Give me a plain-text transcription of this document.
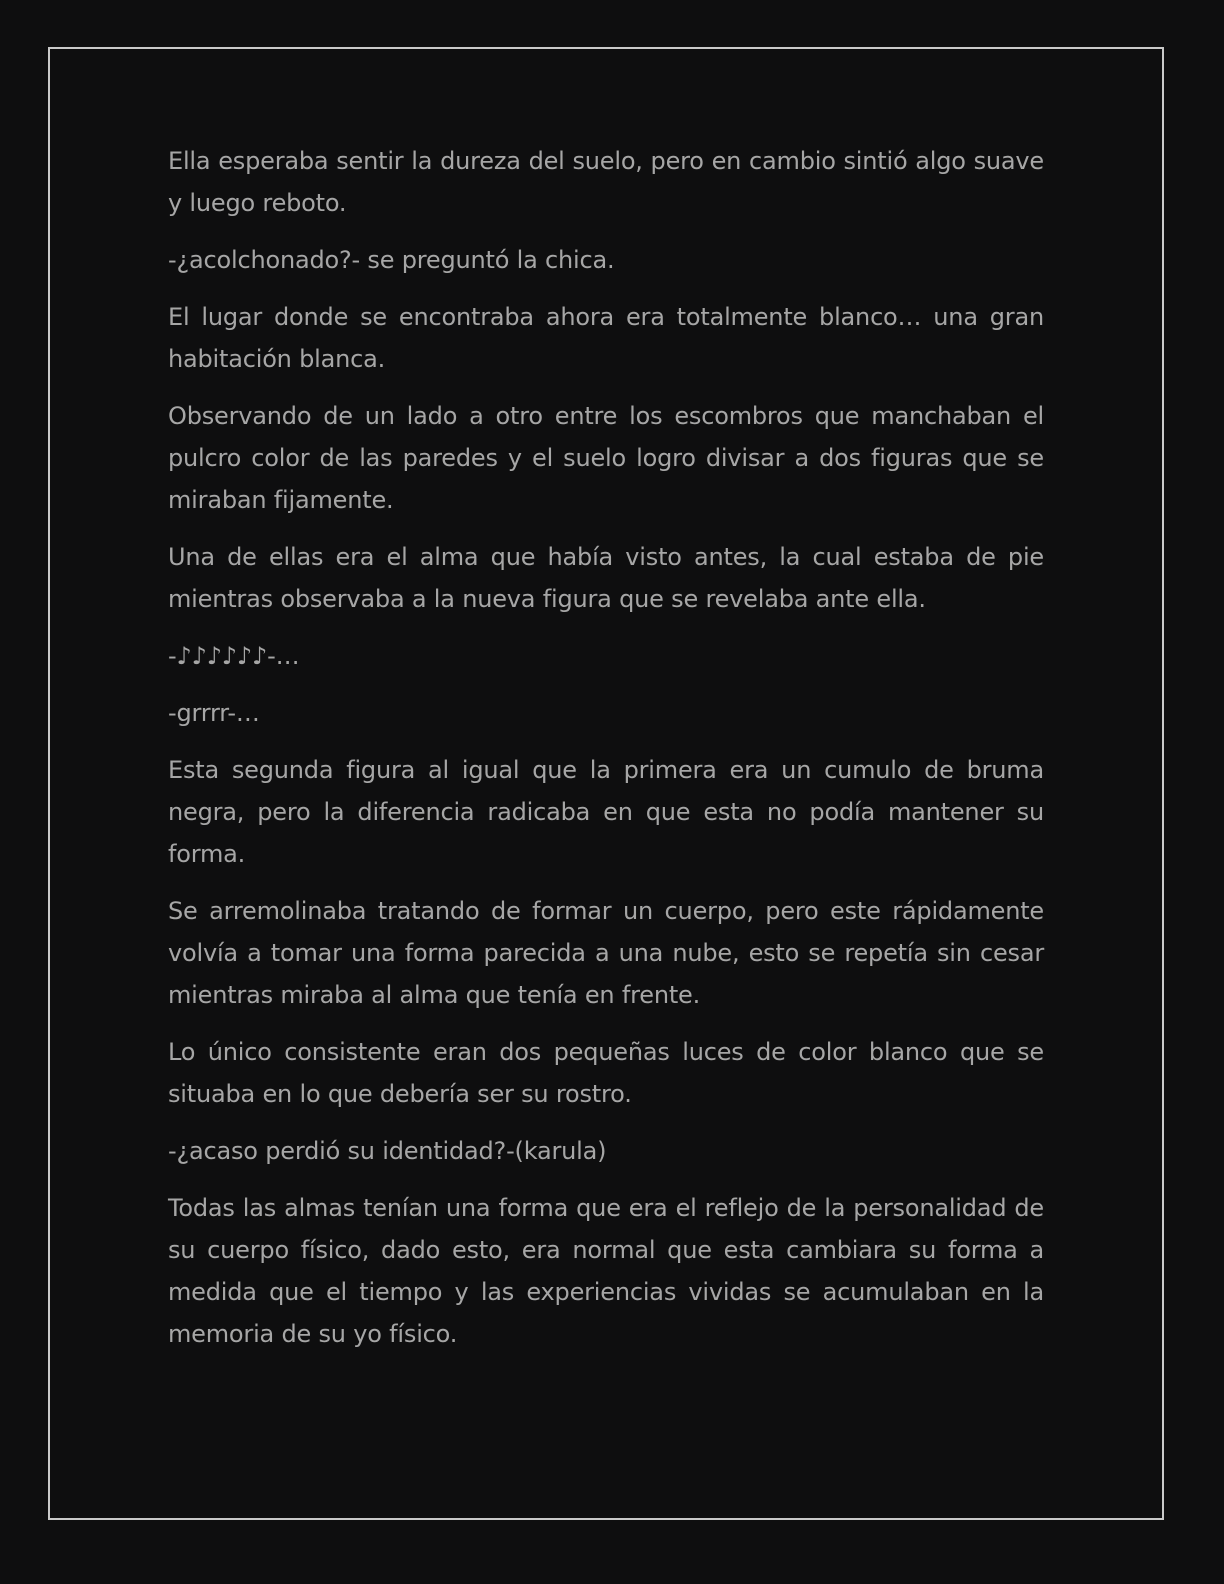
Ella esperaba sentir la dureza del suelo, pero en cambio sintió algo suave y luego reboto.

-¿acolchonado?- se preguntó la chica.

El lugar donde se encontraba ahora era totalmente blanco… una gran habitación blanca.

Observando de un lado a otro entre los escombros que manchaban el pulcro color de las paredes y el suelo logro divisar a dos figuras que se miraban fijamente.

Una de ellas era el alma que había visto antes, la cual estaba de pie mientras observaba a la nueva figura que se revelaba ante ella.

-♪♪♪♪♪♪-…

-grrrr-…

Esta segunda figura al igual que la primera era un cumulo de bruma negra, pero la diferencia radicaba en que esta no podía mantener su forma.

Se arremolinaba tratando de formar un cuerpo, pero este rápidamente volvía a tomar una forma parecida a una nube, esto se repetía sin cesar mientras miraba al alma que tenía en frente.

Lo único consistente eran dos pequeñas luces de color blanco que se situaba en lo que debería ser su rostro.

-¿acaso perdió su identidad?-(karula)

Todas las almas tenían una forma que era el reflejo de la personalidad de su cuerpo físico, dado esto, era normal que esta cambiara su forma a medida que el tiempo y las experiencias vividas se acumulaban en la memoria de su yo físico.
